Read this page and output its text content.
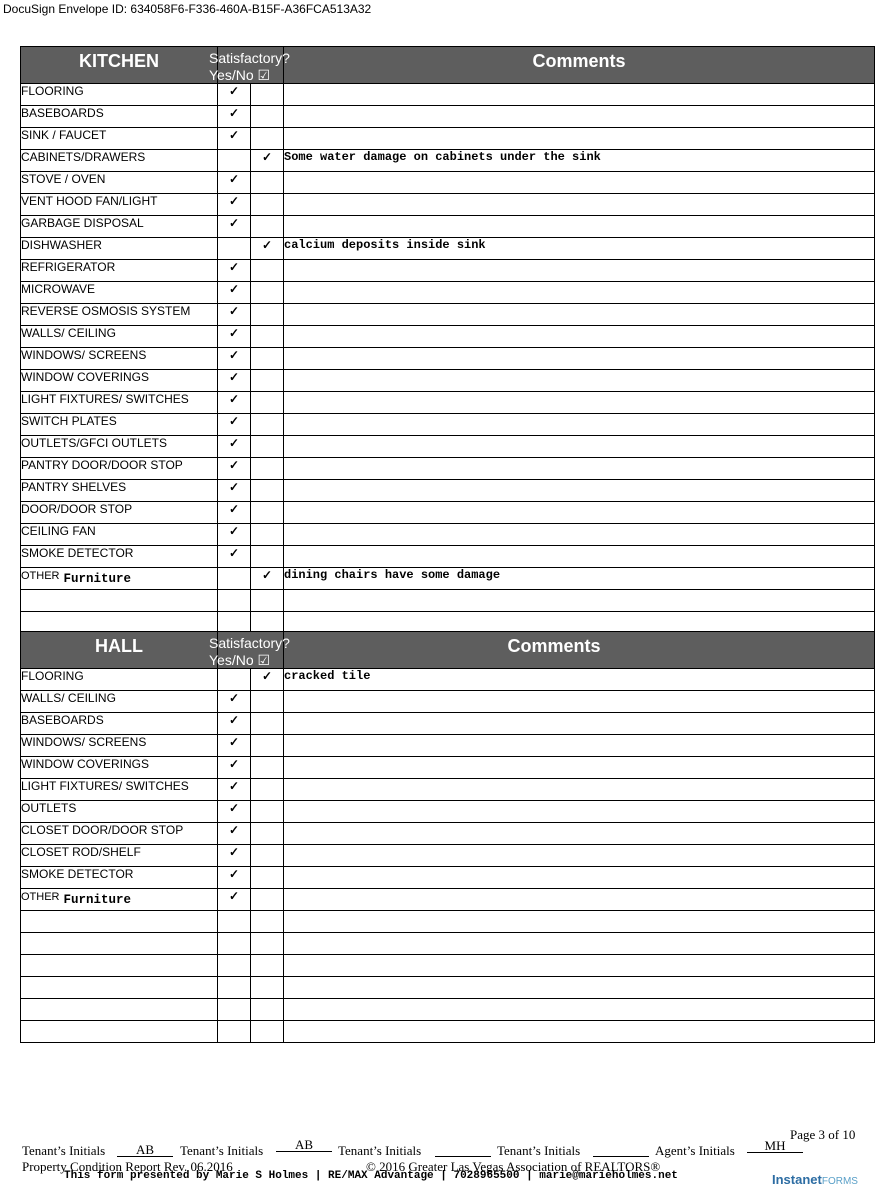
DocuSign Envelope ID: 634058F6-F336-460A-B15F-A36FCA513A32
KITCHEN	Satisfactory?
Yes/No ☑		Comments

FLOORING	✓		
BASEBOARDS	✓		
SINK / FAUCET	✓		
CABINETS/DRAWERS		✓	Some water damage on cabinets under the sink
STOVE / OVEN	✓		
VENT HOOD FAN/LIGHT	✓		
GARBAGE DISPOSAL	✓		
DISHWASHER		✓	calcium deposits inside sink
REFRIGERATOR	✓		
MICROWAVE	✓		
REVERSE OSMOSIS SYSTEM	✓		
WALLS/ CEILING	✓		
WINDOWS/ SCREENS	✓		
WINDOW COVERINGS	✓		
LIGHT FIXTURES/ SWITCHES	✓		
SWITCH PLATES	✓		
OUTLETS/GFCI OUTLETS	✓		
PANTRY DOOR/DOOR STOP	✓		
PANTRY SHELVES	✓		
DOOR/DOOR STOP	✓		
CEILING FAN	✓		
SMOKE DETECTOR	✓		
OTHER Furniture		✓	dining chairs have some damage

HALL	Satisfactory?
Yes/No ☑		Comments

FLOORING		✓	cracked tile
WALLS/ CEILING	✓		
BASEBOARDS	✓		
WINDOWS/ SCREENS	✓		
WINDOW COVERINGS	✓		
LIGHT FIXTURES/ SWITCHES	✓		
OUTLETS	✓		
CLOSET DOOR/DOOR STOP	✓		
CLOSET ROD/SHELF	✓		
SMOKE DETECTOR	✓		
OTHER Furniture	✓		

Page 3 of 10
Tenant’s Initials	AB	Tenant’s Initials	AB	Tenant’s Initials	Tenant’s Initials	Agent’s Initials	MH
Property Condition Report Rev. 06.2016	© 2016 Greater Las Vegas Association of REALTORS®
This form presented by Marie S Holmes | RE/MAX Advantage | 7028965500 | marie@marieholmes.net	InstanetFORMS
